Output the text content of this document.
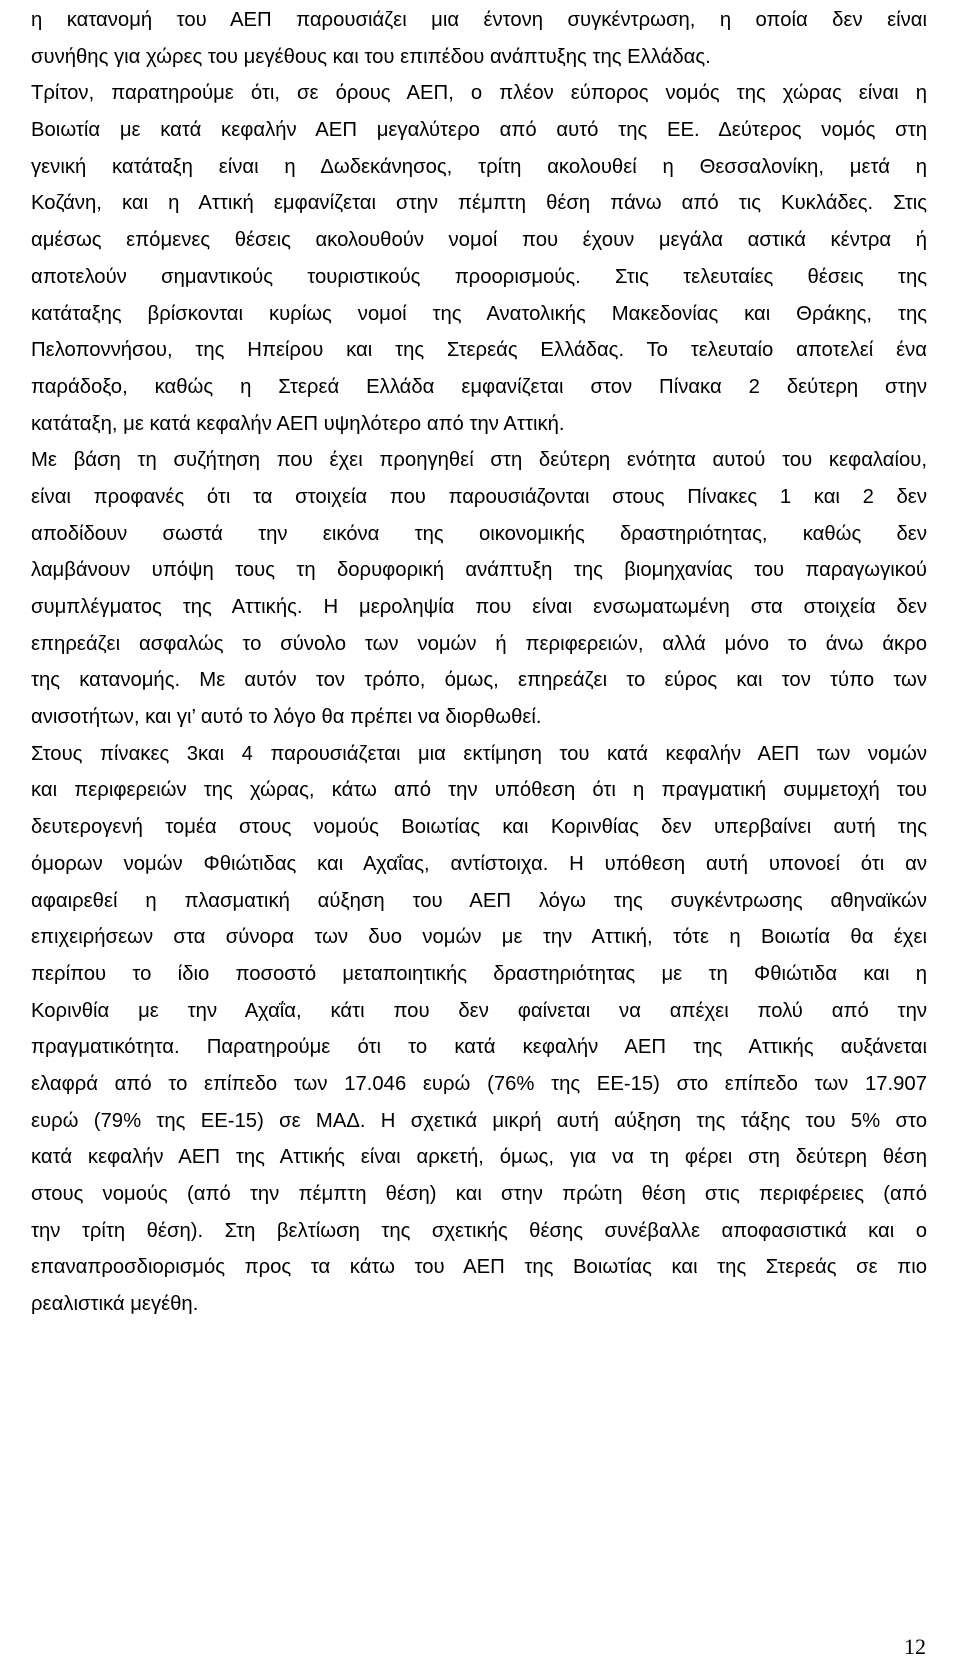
η κατανομή του ΑΕΠ παρουσιάζει μια έντονη συγκέντρωση, η οποία δεν είναι
συνήθης για χώρες του μεγέθους και του επιπέδου ανάπτυξης της Ελλάδας.
Τρίτον, παρατηρούμε ότι, σε όρους ΑΕΠ, ο πλέον εύπορος νομός της χώρας είναι η
Βοιωτία με κατά κεφαλήν ΑΕΠ μεγαλύτερο από αυτό της ΕΕ. Δεύτερος νομός στη
γενική κατάταξη είναι η Δωδεκάνησος, τρίτη ακολουθεί η Θεσσαλονίκη, μετά η
Κοζάνη, και η Αττική εμφανίζεται στην πέμπτη θέση πάνω από τις Κυκλάδες. Στις
αμέσως επόμενες θέσεις ακολουθούν νομοί που έχουν μεγάλα αστικά κέντρα ή
αποτελούν σημαντικούς τουριστικούς προορισμούς. Στις τελευταίες θέσεις της
κατάταξης βρίσκονται κυρίως νομοί της Ανατολικής Μακεδονίας και Θράκης, της
Πελοποννήσου, της Ηπείρου και της Στερεάς Ελλάδας. Το τελευταίο αποτελεί ένα
παράδοξο, καθώς η Στερεά Ελλάδα εμφανίζεται στον Πίνακα 2 δεύτερη στην
κατάταξη, με κατά κεφαλήν ΑΕΠ υψηλότερο από την Αττική.
Με βάση τη συζήτηση που έχει προηγηθεί στη δεύτερη ενότητα αυτού του κεφαλαίου,
είναι προφανές ότι τα στοιχεία που παρουσιάζονται στους Πίνακες 1 και 2 δεν
αποδίδουν σωστά την εικόνα της οικονομικής δραστηριότητας, καθώς δεν
λαμβάνουν υπόψη τους τη δορυφορική ανάπτυξη της βιομηχανίας του παραγωγικού
συμπλέγματος της Αττικής. Η μεροληψία που είναι ενσωματωμένη στα στοιχεία δεν
επηρεάζει ασφαλώς το σύνολο των νομών ή περιφερειών, αλλά μόνο το άνω άκρο
της κατανομής. Με αυτόν τον τρόπο, όμως, επηρεάζει το εύρος και τον τύπο των
ανισοτήτων, και γι’ αυτό το λόγο θα πρέπει να διορθωθεί.
Στους πίνακες 3και 4 παρουσιάζεται μια εκτίμηση του κατά κεφαλήν ΑΕΠ των νομών
και περιφερειών της χώρας, κάτω από την υπόθεση ότι η πραγματική συμμετοχή του
δευτερογενή τομέα στους νομούς Βοιωτίας και Κορινθίας δεν υπερβαίνει αυτή της
όμορων νομών Φθιώτιδας και Αχαΐας, αντίστοιχα. Η υπόθεση αυτή υπονοεί ότι αν
αφαιρεθεί η πλασματική αύξηση του ΑΕΠ λόγω της συγκέντρωσης αθηναϊκών
επιχειρήσεων στα σύνορα των δυο νομών με την Αττική, τότε η Βοιωτία θα έχει
περίπου το ίδιο ποσοστό μεταποιητικής δραστηριότητας με τη Φθιώτιδα και η
Κορινθία με την Αχαΐα, κάτι που δεν φαίνεται να απέχει πολύ από την
πραγματικότητα. Παρατηρούμε ότι το κατά κεφαλήν ΑΕΠ της Αττικής αυξάνεται
ελαφρά από το επίπεδο των 17.046 ευρώ (76% της ΕΕ-15) στο επίπεδο των 17.907
ευρώ (79% της ΕΕ-15) σε ΜΑΔ. Η σχετικά μικρή αυτή αύξηση της τάξης του 5% στο
κατά κεφαλήν ΑΕΠ της Αττικής είναι αρκετή, όμως, για να τη φέρει στη δεύτερη θέση
στους νομούς (από την πέμπτη θέση) και στην πρώτη θέση στις περιφέρειες (από
την τρίτη θέση). Στη βελτίωση της σχετικής θέσης συνέβαλλε αποφασιστικά και ο
επαναπροσδιορισμός προς τα κάτω του ΑΕΠ της Βοιωτίας και της Στερεάς σε πιο
ρεαλιστικά μεγέθη.
12
